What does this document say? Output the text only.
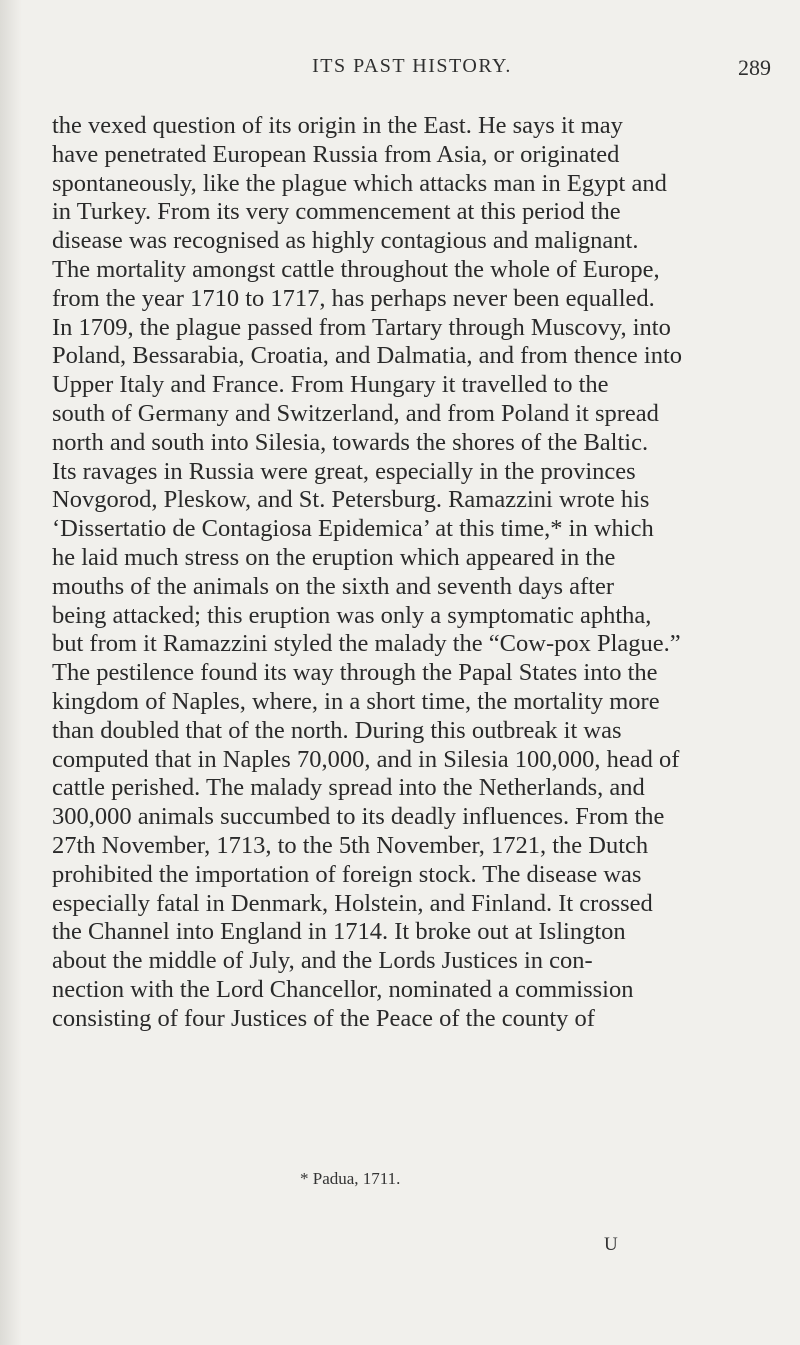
ITS PAST HISTORY.	289
the vexed question of its origin in the East. He says it may
have penetrated European Russia from Asia, or originated
spontaneously, like the plague which attacks man in Egypt and
in Turkey. From its very commencement at this period the
disease was recognised as highly contagious and malignant.
The mortality amongst cattle throughout the whole of Europe,
from the year 1710 to 1717, has perhaps never been equalled.
In 1709, the plague passed from Tartary through Muscovy, into
Poland, Bessarabia, Croatia, and Dalmatia, and from thence into
Upper Italy and France. From Hungary it travelled to the
south of Germany and Switzerland, and from Poland it spread
north and south into Silesia, towards the shores of the Baltic.
Its ravages in Russia were great, especially in the provinces
Novgorod, Pleskow, and St. Petersburg. Ramazzini wrote his
‘Dissertatio de Contagiosa Epidemica’ at this time,* in which
he laid much stress on the eruption which appeared in the
mouths of the animals on the sixth and seventh days after
being attacked; this eruption was only a symptomatic aphtha,
but from it Ramazzini styled the malady the “Cow-pox Plague.”
The pestilence found its way through the Papal States into the
kingdom of Naples, where, in a short time, the mortality more
than doubled that of the north. During this outbreak it was
computed that in Naples 70,000, and in Silesia 100,000, head of
cattle perished. The malady spread into the Netherlands, and
300,000 animals succumbed to its deadly influences. From the
27th November, 1713, to the 5th November, 1721, the Dutch
prohibited the importation of foreign stock. The disease was
especially fatal in Denmark, Holstein, and Finland. It crossed
the Channel into England in 1714. It broke out at Islington
about the middle of July, and the Lords Justices in con-
nection with the Lord Chancellor, nominated a commission
consisting of four Justices of the Peace of the county of
* Padua, 1711.
U
